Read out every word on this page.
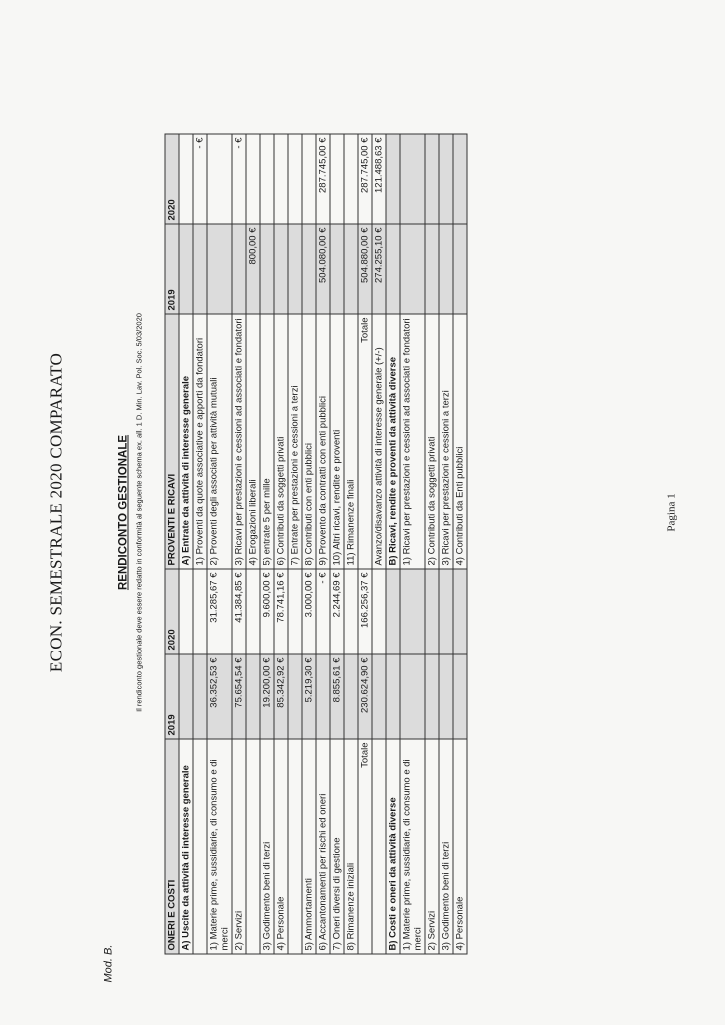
ECON. SEMESTRALE 2020 COMPARATO
Mod. B.
RENDICONTO GESTIONALE Il rendiconto gestionale deve essere redatto in conformità al seguente schema ex. all. 1 D. Min. Lav. Pol. Soc. 5/03/2020
ONERI E COSTI	2019	2020	PROVENTI E RICAVI	2019	2020
A) Uscite da attività di interesse generale			A) Entrate da attività di interesse generale		
			1) Proventi da quote associative e apporti da fondatori		- €
1) Materie prime, sussidiarie, di consumo e di merci	36.352,53 €	31.285,67 €	2) Proventi degli associati per attività mutuali		
2) Servizi	75.654,54 €	41.384,85 €	3) Ricavi per prestazioni e cessioni ad associati e fondatori		- €
			4) Erogazioni liberali	800,00 €	
3) Godimento beni di terzi	19.200,00 €	9.600,00 €	5) entrate 5 per mille		
4) Personale	85.342,92 €	78.741,16 €	6) Contributi da soggetti privati		
			7) Entrate per prestazioni e cessioni a terzi		
5) Ammortamenti	5.219,30 €	3.000,00 €	8) Contributi con enti pubblici		
6) Accantonamenti per rischi ed oneri		- €	9) Provento da contratti con enti pubblici	504.080,00 €	287.745,00 €
7) Oneri diversi di gestione	8.855,61 €	2.244,69 €	10) Altri ricavi, rendite e proventi		
8) Rimanenze iniziali			11) Rimanenze finali		
Totale	230.624,90 €	166.256,37 €	Totale	504.880,00 €	287.745,00 €
			Avanzo/disavanzo attività di interesse generale (+/-)	274.255,10 €	121.488,63 €
B) Costi e oneri da attività diverse			B) Ricavi, rendite e proventi da attività diverse		
1) Materie prime, sussidiarie, di consumo e di merci			1) Ricavi per prestazioni e cessioni ad associati e fondatori		
2) Servizi			2) Contributi da soggetti privati		
3) Godimento beni di terzi			3) Ricavi per prestazioni e cessioni a terzi		
4) Personale			4) Contributi da Enti pubblici			Pagina 1
